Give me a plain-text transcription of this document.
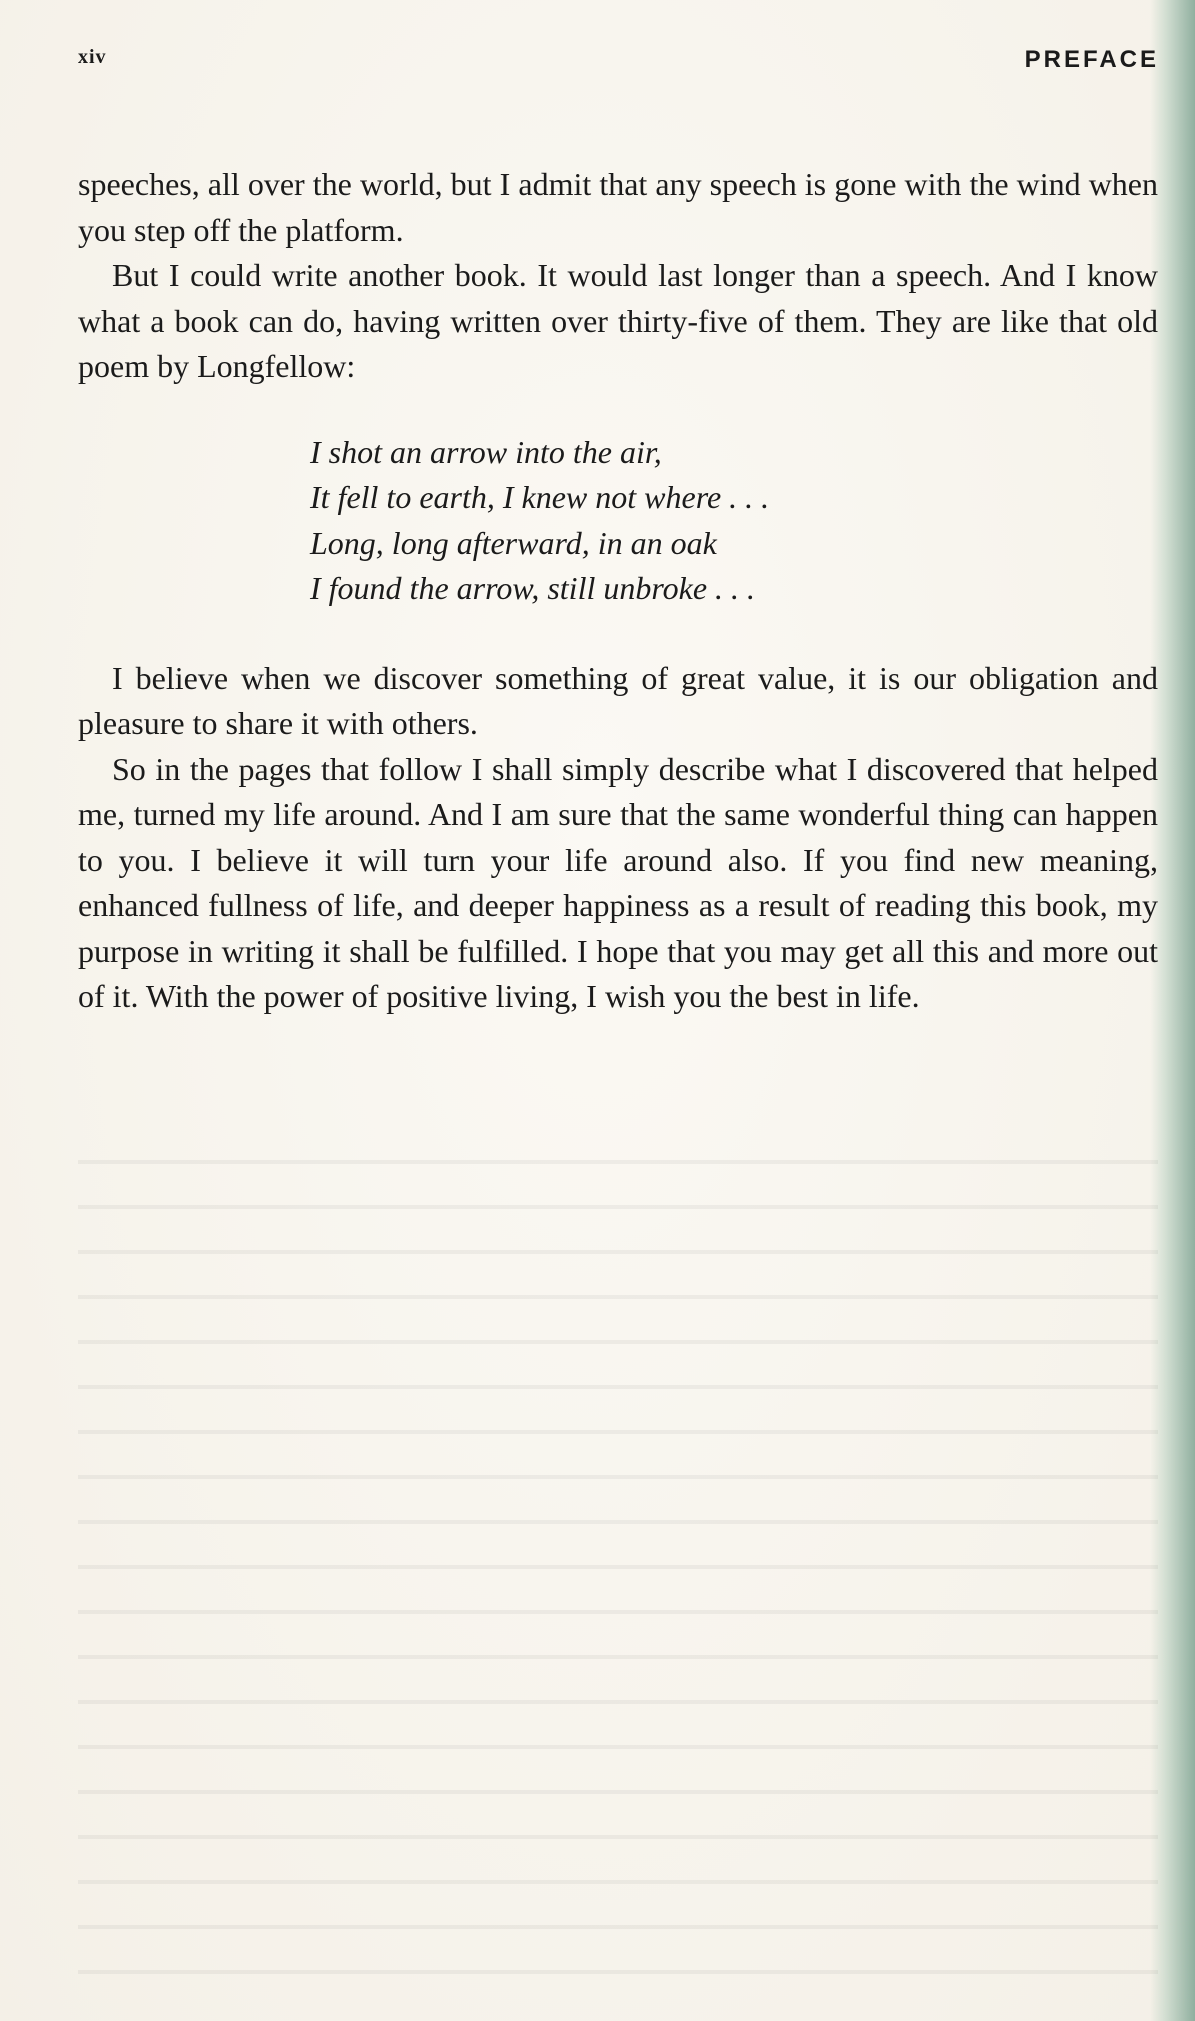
xiv	PREFACE

speeches, all over the world, but I admit that any speech is gone with the wind when you step off the platform.

But I could write another book. It would last longer than a speech. And I know what a book can do, having written over thirty-five of them. They are like that old poem by Longfellow:

I shot an arrow into the air,
It fell to earth, I knew not where . . .
Long, long afterward, in an oak
I found the arrow, still unbroke . . .

I believe when we discover something of great value, it is our obligation and pleasure to share it with others.

So in the pages that follow I shall simply describe what I discovered that helped me, turned my life around. And I am sure that the same wonderful thing can happen to you. I believe it will turn your life around also. If you find new meaning, enhanced fullness of life, and deeper happiness as a result of reading this book, my purpose in writing it shall be fulfilled. I hope that you may get all this and more out of it. With the power of positive living, I wish you the best in life.
